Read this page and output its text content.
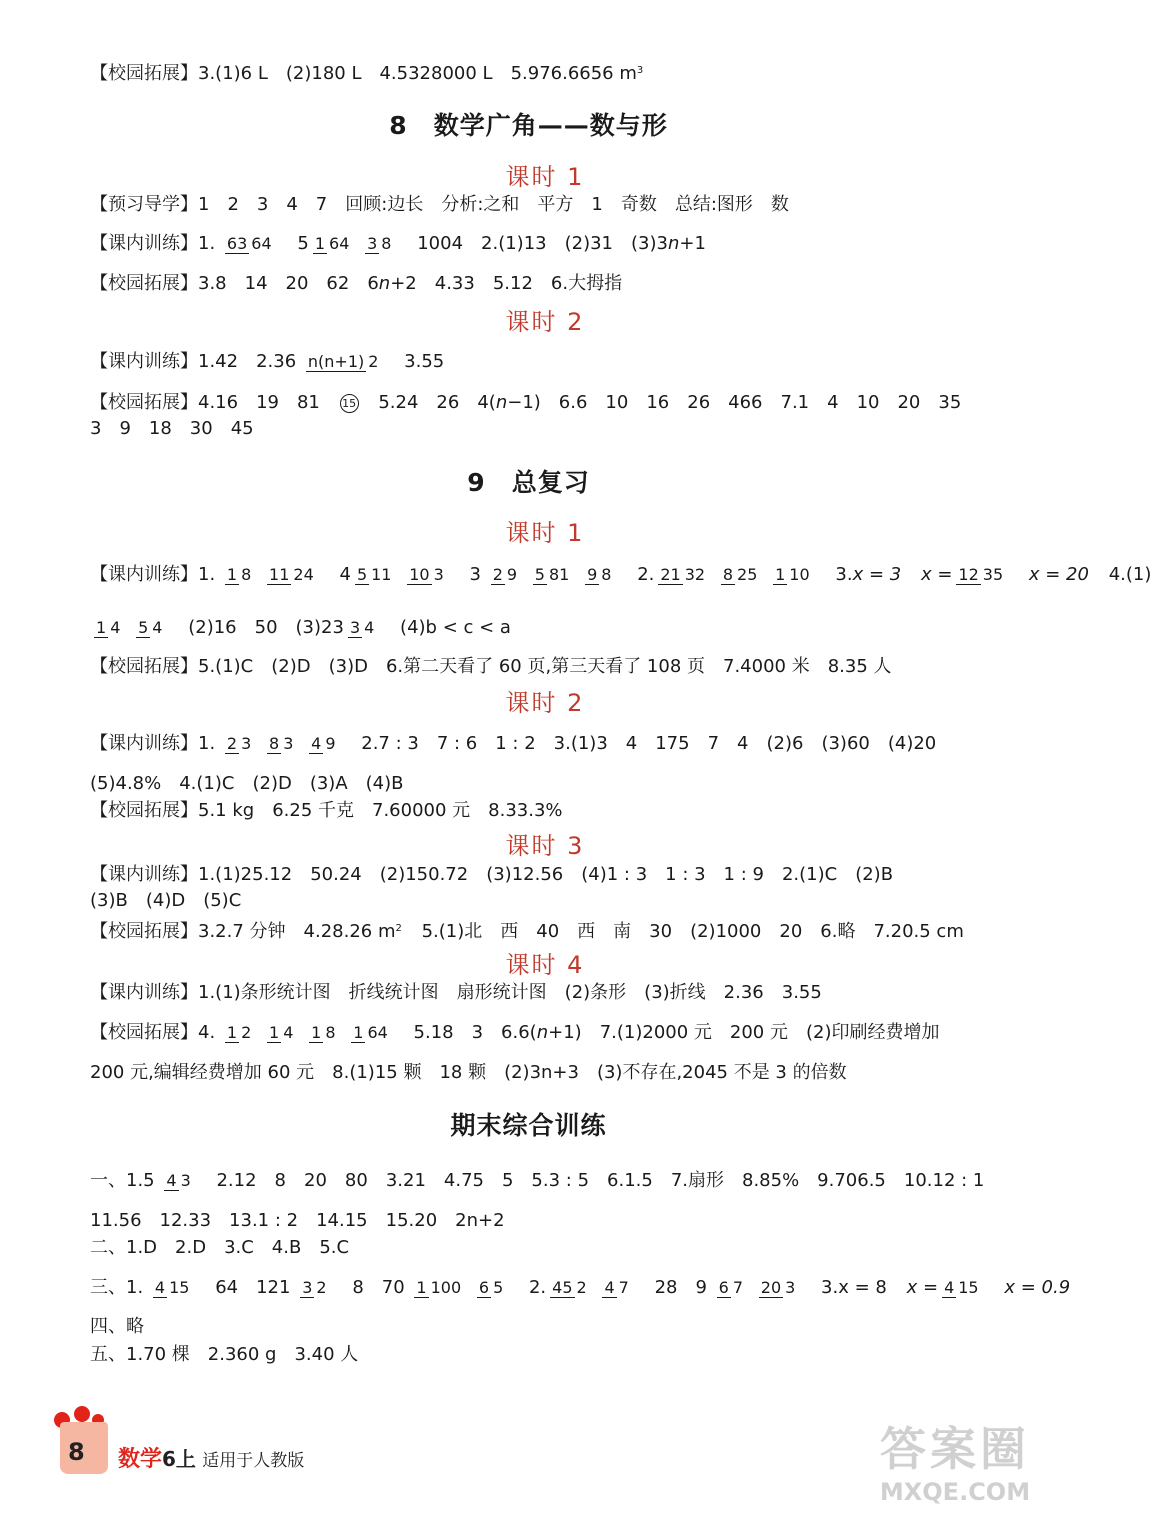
【校园拓展】3.(1)6 L　(2)180 L　4.5328000 L　5.976.6656 $m^3$
8　数学广角——数与形
课时 1
【预习导学】1　2　3　4　7　回顾:边长　分析:之和　平方　1　奇数　总结:图形　数
【课内训练】1. 63 64 5 1 64 3 8 1004　2.(1)13　(2)31　(3)3n+1
【校园拓展】3.8　14　20　62　6n+2　4.33　5.12　6.大拇指
课时 2
【课内训练】1.42　2.36 n(n+1) 2 3.55
【校园拓展】4.16　19　81 15 5.24　26　4(n−1)　6.6　10　16　26　466　7.1　4　10　20　35
3　9　18　30　45
9　总复习
课时 1
【课内训练】1. 1 8 11 24 4 5 11 10 3 3 2 9 5 81 9 8 2. 21 32 8 25 1 10 3.x = 3 x = 12 35 x = 20 4.(1)
1 4 5 4 (2)16　50　(3)23 3 4 (4)b < c < a
【校园拓展】5.(1)C　(2)D　(3)D　6.第二天看了 60 页,第三天看了 108 页　7.4000 米　8.35 人
课时 2
【课内训练】1. 2 3 8 3 4 9 2.7 : 3　7 : 6　1 : 2　3.(1)3　4　175　7　4　(2)6　(3)60　(4)20
(5)4.8%　4.(1)C　(2)D　(3)A　(4)B
【校园拓展】5.1 kg　6.25 千克　7.60000 元　8.33.3%
课时 3
【课内训练】1.(1)25.12　50.24　(2)150.72　(3)12.56　(4)1 : 3　1 : 3　1 : 9　2.(1)C　(2)B
(3)B　(4)D　(5)C
【校园拓展】3.2.7 分钟　4.28.26 $m^2$ 5.(1)北　西　40　西　南　30　(2)1000　20　6.略　7.20.5 cm
课时 4
【课内训练】1.(1)条形统计图　折线统计图　扇形统计图　(2)条形　(3)折线　2.36　3.55
【校园拓展】4. 1 2 1 4 1 8 1 64 5.18　3　6.6(n+1)　7.(1)2000 元　200 元　(2)印刷经费增加
200 元,编辑经费增加 60 元　8.(1)15 颗　18 颗　(2)3n+3　(3)不存在,2045 不是 3 的倍数
期末综合训练
一、1.5 4 3 2.12　8　20　80　3.21　4.75　5　5.3 : 5　6.1.5　7.扇形　8.85%　9.706.5　10.12 : 1
11.56　12.33　13.1 : 2　14.15　15.20　2n+2
二、1.D　2.D　3.C　4.B　5.C
三、1. 4 15 64　121 3 2 8　70 1 100 6 5 2. 45 2 4 7 28　9 6 7 20 3 3.x = 8 x = 4 15 x = 0.9
四、略
五、1.70 棵　2.360 g　3.40 人
8 数学6上 适用于人教版	答案圈
MXQE.COM
